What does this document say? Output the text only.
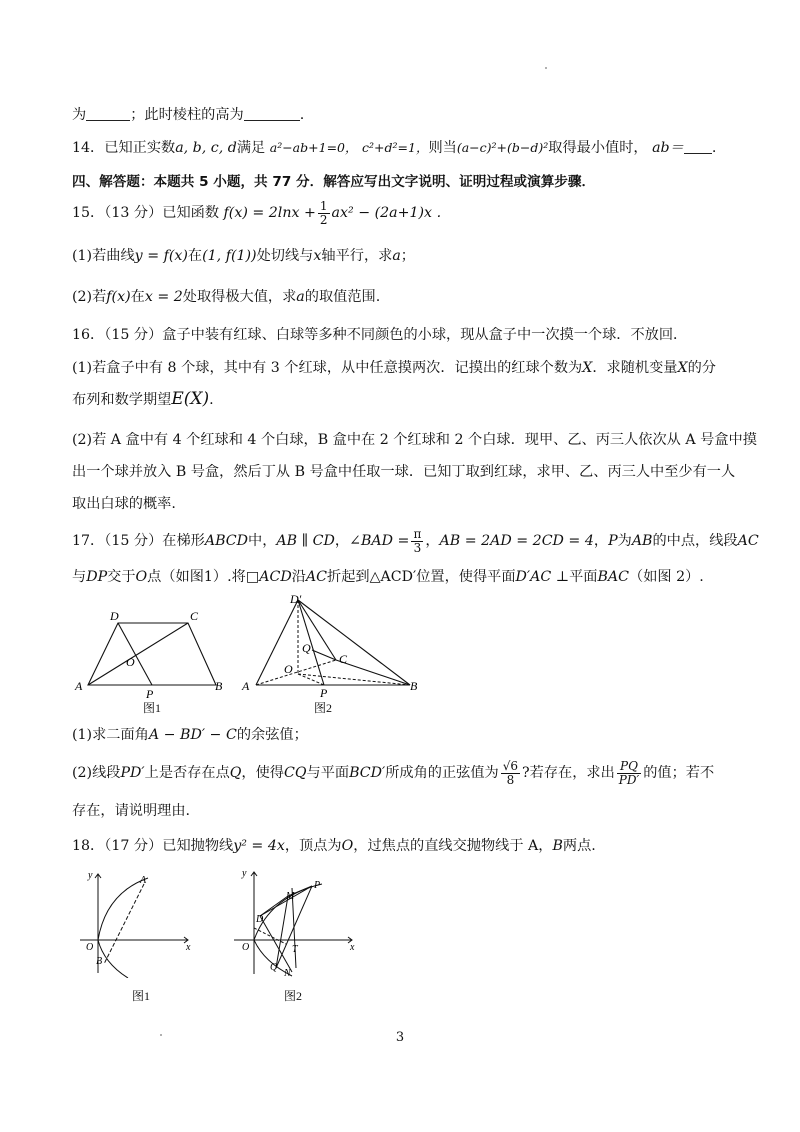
为	；此时棱柱的高为	.
14．已知正实数a, b, c, d满足 a²−ab+1=0， c²+d²=1，则当(a−c)²+(b−d)²取得最小值时， ab＝ .
四、解答题：本题共 5 小题，共 77 分．解答应写出文字说明、证明过程或演算步骤．
15．（13 分）已知函数 $f(x) = 2\ln x + \frac{1}{2} ax^2 - (2a+1)x$ .
(1)若曲线y = f(x)在(1, f(1))处切线与x轴平行，求a；
(2)若f(x)在x = 2处取得极大值，求a的取值范围.
16．（15 分）盒子中装有红球、白球等多种不同颜色的小球，现从盒子中一次摸一个球．不放回．
(1)若盒子中有 8 个球，其中有 3 个红球，从中任意摸两次．记摸出的红球个数为X．求随机变量X的分
布列和数学期望E(X).
(2)若 A 盒中有 4 个红球和 4 个白球，B 盒中在 2 个红球和 2 个白球．现甲、乙、丙三人依次从 A 号盒中摸
出一个球并放入 B 号盒，然后丁从 B 号盒中任取一球．已知丁取到红球，求甲、乙、丙三人中至少有一人
取出白球的概率.
17．（15 分）在梯形ABCD中，AB ∥ CD，∠BAD = $\frac{\pi}{3}$ ，AB = 2AD = 2CD = 4，P为AB的中点，线段AC
与DP交于O点（如图1）.将□ACD沿AC折起到△ACD′位置，使得平面D′AC ⊥平面BAC（如图 2）.
D	C
O
A
P
B
图1
D′
Q
O
C
A	P	B
图2
(1)求二面角A − BD′ − C的余弦值；
(2)线段PD′上是否存在点Q，使得CQ与平面BCD′所成角的正弦值为 $\frac{√6}{8}$ ?若存在，求出 $\frac{PQ}{PD'}$ 的值；若不
存在，请说明理由.
18．（17 分）已知抛物线y² = 4x，顶点为O，过焦点的直线交抛物线于 A，B两点.
y	A
O	x
B
图1
y
M
P
D
O	T	x
Q
N
图2
3
